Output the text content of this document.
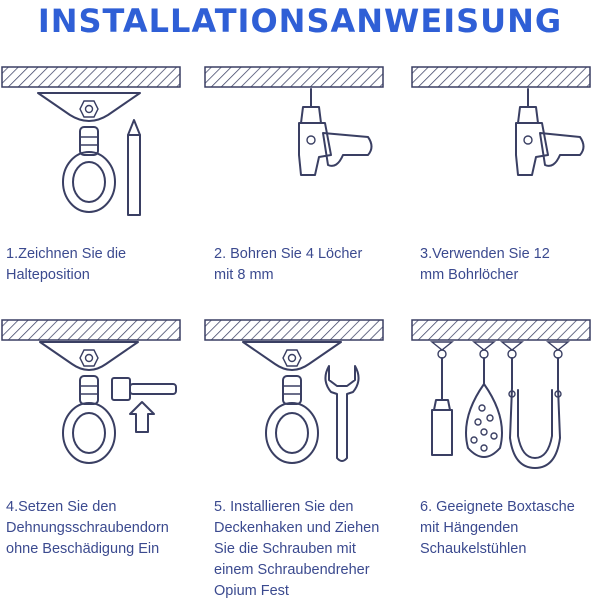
INSTALLATIONSANWEISUNG
1.Zeichnen Sie die
Halteposition
2. Bohren Sie 4 Löcher
mit 8 mm
3.Verwenden Sie 12
mm Bohrlöcher
4.Setzen Sie den
Dehnungsschraubendorn
ohne Beschädigung Ein
5. Installieren Sie den
Deckenhaken und Ziehen
Sie die Schrauben mit
einem Schraubendreher
Opium Fest
6. Geeignete Boxtasche
mit Hängenden
Schaukelstühlen
